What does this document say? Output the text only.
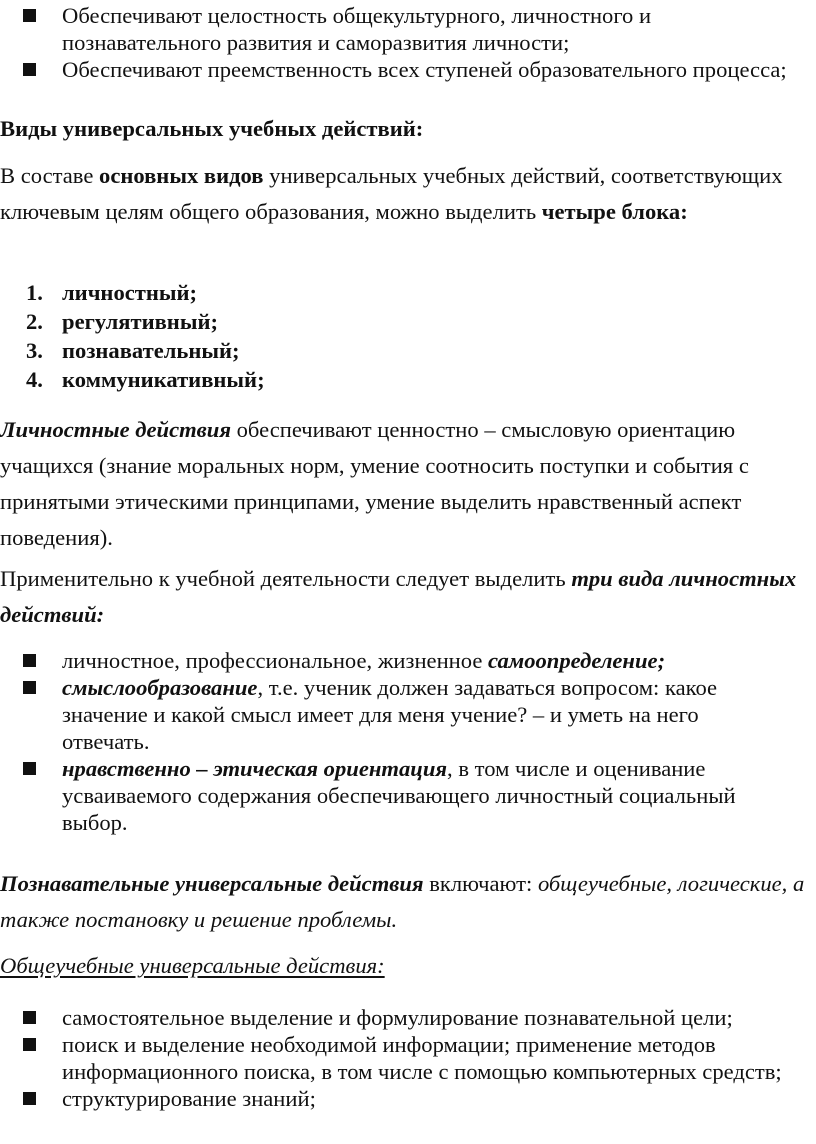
Обеспечивают целостность общекультурного, личностного и познавательного развития и саморазвития личности;
Обеспечивают преемственность всех ступеней образовательного процесса;

Виды универсальных учебных действий:

В составе основных видов универсальных учебных действий, соответствующих ключевым целям общего образования, можно выделить четыре блока:

1. личностный;
2. регулятивный;
3. познавательный;
4. коммуникативный;

Личностные действия обеспечивают ценностно – смысловую ориентацию учащихся (знание моральных норм, умение соотносить поступки и события с принятыми этическими принципами, умение выделить нравственный аспект поведения).

Применительно к учебной деятельности следует выделить три вида личностных действий:

личностное, профессиональное, жизненное самоопределение;
смыслообразование, т.е. ученик должен задаваться вопросом: какое значение и какой смысл имеет для меня учение? – и уметь на него отвечать.
нравственно – этическая ориентация, в том числе и оценивание усваиваемого содержания обеспечивающего личностный социальный выбор.

Познавательные универсальные действия включают: общеучебные, логические, а также постановку и решение проблемы.

Общеучебные универсальные действия:

самостоятельное выделение и формулирование познавательной цели;
поиск и выделение необходимой информации; применение методов информационного поиска, в том числе с помощью компьютерных средств;
структурирование знаний;
